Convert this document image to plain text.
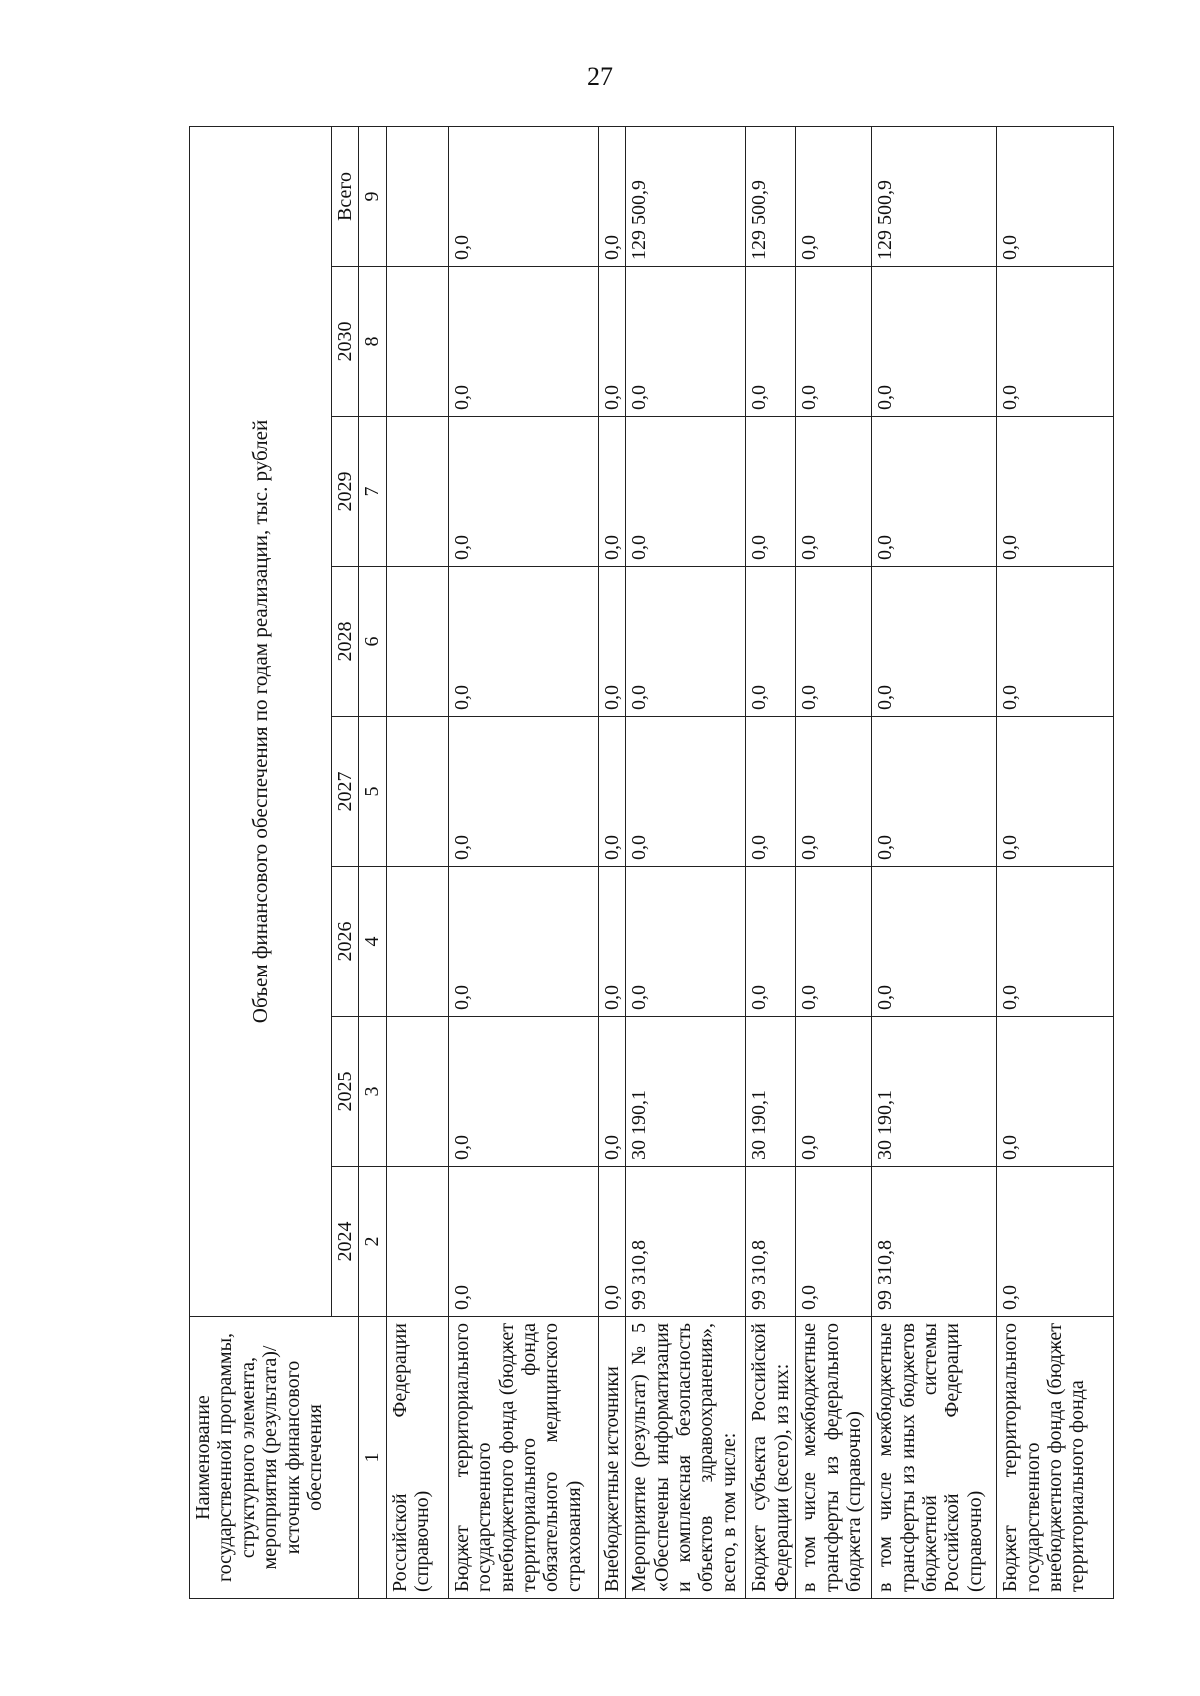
27
Наименование государственной программы, структурного элемента, мероприятия (результата)/источник финансового обеспечения	Объем финансового обеспечения по годам реализации, тыс. рублей							
	2024	2025	2026	2027	2028	2029	2030	Всего
1	2	3	4	5	6	7	8	9
Российской Федерации (справочно)								
Бюджет территориального государственного внебюджетного фонда (бюджет территориального фонда обязательного медицинского страхования)	0,0	0,0	0,0	0,0	0,0	0,0	0,0	0,0
Внебюджетные источники	0,0	0,0	0,0	0,0	0,0	0,0	0,0	0,0
Мероприятие (результат) № 5 «Обеспечены информатизация и комплексная безопасность объектов здравоохранения», всего, в том числе:	99 310,8	30 190,1	0,0	0,0	0,0	0,0	0,0	129 500,9
Бюджет субъекта Российской Федерации (всего), из них:	99 310,8	30 190,1	0,0	0,0	0,0	0,0	0,0	129 500,9
в том числе межбюджетные трансферты из федерального бюджета (справочно)	0,0	0,0	0,0	0,0	0,0	0,0	0,0	0,0
в том числе межбюджетные трансферты из иных бюджетов бюджетной системы Российской Федерации (справочно)	99 310,8	30 190,1	0,0	0,0	0,0	0,0	0,0	129 500,9
Бюджет территориального государственного внебюджетного фонда (бюджет территориального фонда	0,0	0,0	0,0	0,0	0,0	0,0	0,0	0,0
